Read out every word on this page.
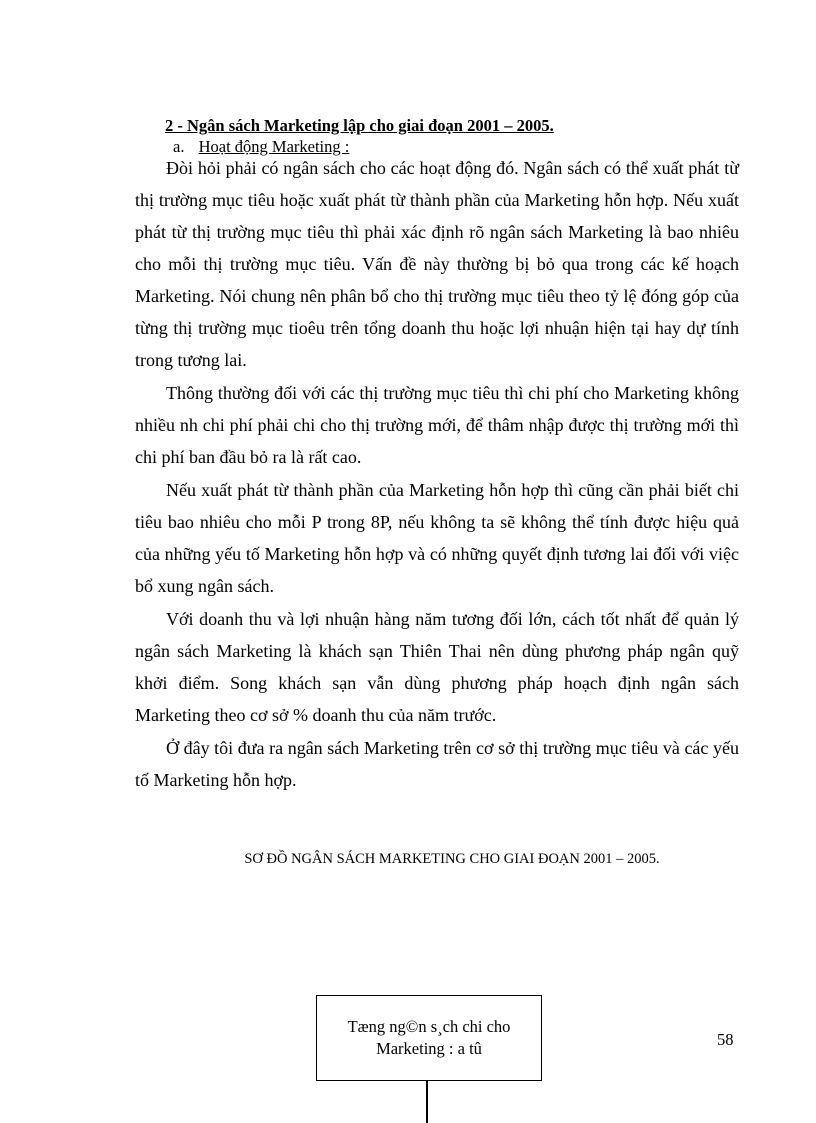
2 - Ngân sách Marketing lập cho giai đoạn 2001 – 2005.
a. Hoạt động Marketing :

Đòi hỏi phải có ngân sách cho các hoạt động đó. Ngân sách có thể xuất phát từ thị trường mục tiêu hoặc xuất phát từ thành phần của Marketing hỗn hợp. Nếu xuất phát từ thị trường mục tiêu thì phải xác định rõ ngân sách Marketing là bao nhiêu cho mỗi thị trường mục tiêu. Vấn đề này thường bị bỏ qua trong các kế hoạch Marketing. Nói chung nên phân bổ cho thị trường mục tiêu theo tỷ lệ đóng góp của từng thị trường mục tioêu trên tổng doanh thu hoặc lợi nhuận hiện tại hay dự tính trong tương lai.

Thông thường đối với các thị trường mục tiêu thì chi phí cho Marketing không nhiều nh chi phí phải chi cho thị trường mới, để thâm nhập được thị trường mới thì chi phí ban đầu bỏ ra là rất cao.

Nếu xuất phát từ thành phần của Marketing hỗn hợp thì cũng cần phải biết chi tiêu bao nhiêu cho mỗi P trong 8P, nếu không ta sẽ không thể tính được hiệu quả của những yếu tố Marketing hỗn hợp và có những quyết định tương lai đối với việc bổ xung ngân sách.

Với doanh thu và lợi nhuận hàng năm tương đối lớn, cách tốt nhất để quản lý ngân sách Marketing là khách sạn Thiên Thai nên dùng phương pháp ngân quỹ khởi điểm. Song khách sạn vẫn dùng phương pháp hoạch định ngân sách Marketing theo cơ sở % doanh thu của năm trước.

Ở đây tôi đưa ra ngân sách Marketing trên cơ sở thị trường mục tiêu và các yếu tố Marketing hỗn hợp.

SƠ ĐỒ NGÂN SÁCH MARKETING CHO GIAI ĐOẠN 2001 – 2005.
Tæng ng©n s¸ch chi cho
Marketing : a tû	58
